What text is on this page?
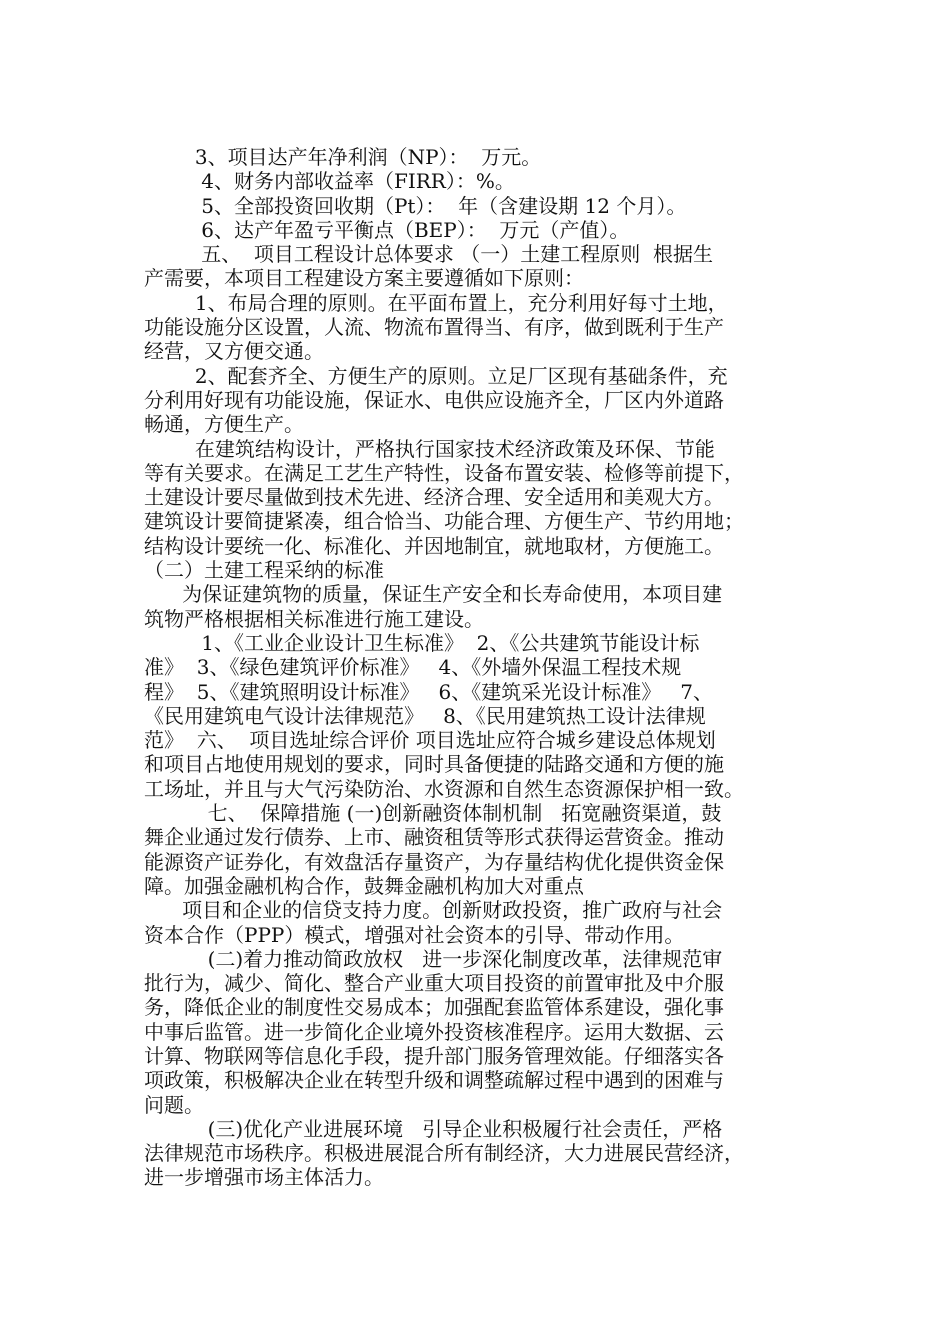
3、项目达产年净利润（NP）：  万元。
4、财务内部收益率（FIRR）：%。
5、全部投资回收期（Pt）：  年（含建设期 12 个月）。
6、达产年盈亏平衡点（BEP）：  万元（产值）。
五、  项目工程设计总体要求 （一）土建工程原则  根据生
产需要，本项目工程建设方案主要遵循如下原则：
1、布局合理的原则。在平面布置上，充分利用好每寸土地，
功能设施分区设置，人流、物流布置得当、有序，做到既利于生产
经营，又方便交通。
2、配套齐全、方便生产的原则。立足厂区现有基础条件，充
分利用好现有功能设施，保证水、电供应设施齐全，厂区内外道路
畅通，方便生产。
在建筑结构设计，严格执行国家技术经济政策及环保、节能
等有关要求。在满足工艺生产特性，设备布置安装、检修等前提下，
土建设计要尽量做到技术先进、经济合理、安全适用和美观大方。
建筑设计要简捷紧凑，组合恰当、功能合理、方便生产、节约用地；
结构设计要统一化、标准化、并因地制宜，就地取材，方便施工。
（二）土建工程采纳的标准
为保证建筑物的质量，保证生产安全和长寿命使用，本项目建
筑物严格根据相关标准进行施工建设。
1、《工业企业设计卫生标准》  2、《公共建筑节能设计标
准》  3、《绿色建筑评价标准》   4、《外墙外保温工程技术规
程》  5、《建筑照明设计标准》   6、《建筑采光设计标准》   7、
《民用建筑电气设计法律规范》   8、《民用建筑热工设计法律规
范》  六、  项目选址综合评价 项目选址应符合城乡建设总体规划
和项目占地使用规划的要求，同时具备便捷的陆路交通和方便的施
工场址，并且与大气污染防治、水资源和自然生态资源保护相一致。
七、  保障措施 (一)创新融资体制机制   拓宽融资渠道，鼓
舞企业通过发行债券、上市、融资租赁等形式获得运营资金。推动
能源资产证券化，有效盘活存量资产，为存量结构优化提供资金保
障。加强金融机构合作，鼓舞金融机构加大对重点
项目和企业的信贷支持力度。创新财政投资，推广政府与社会
资本合作（PPP）模式，增强对社会资本的引导、带动作用。
(二)着力推动简政放权   进一步深化制度改革，法律规范审
批行为，减少、简化、整合产业重大项目投资的前置审批及中介服
务，降低企业的制度性交易成本；加强配套监管体系建设，强化事
中事后监管。进一步简化企业境外投资核准程序。运用大数据、云
计算、物联网等信息化手段，提升部门服务管理效能。仔细落实各
项政策，积极解决企业在转型升级和调整疏解过程中遇到的困难与
问题。
(三)优化产业进展环境   引导企业积极履行社会责任，严格
法律规范市场秩序。积极进展混合所有制经济，大力进展民营经济，
进一步增强市场主体活力。
